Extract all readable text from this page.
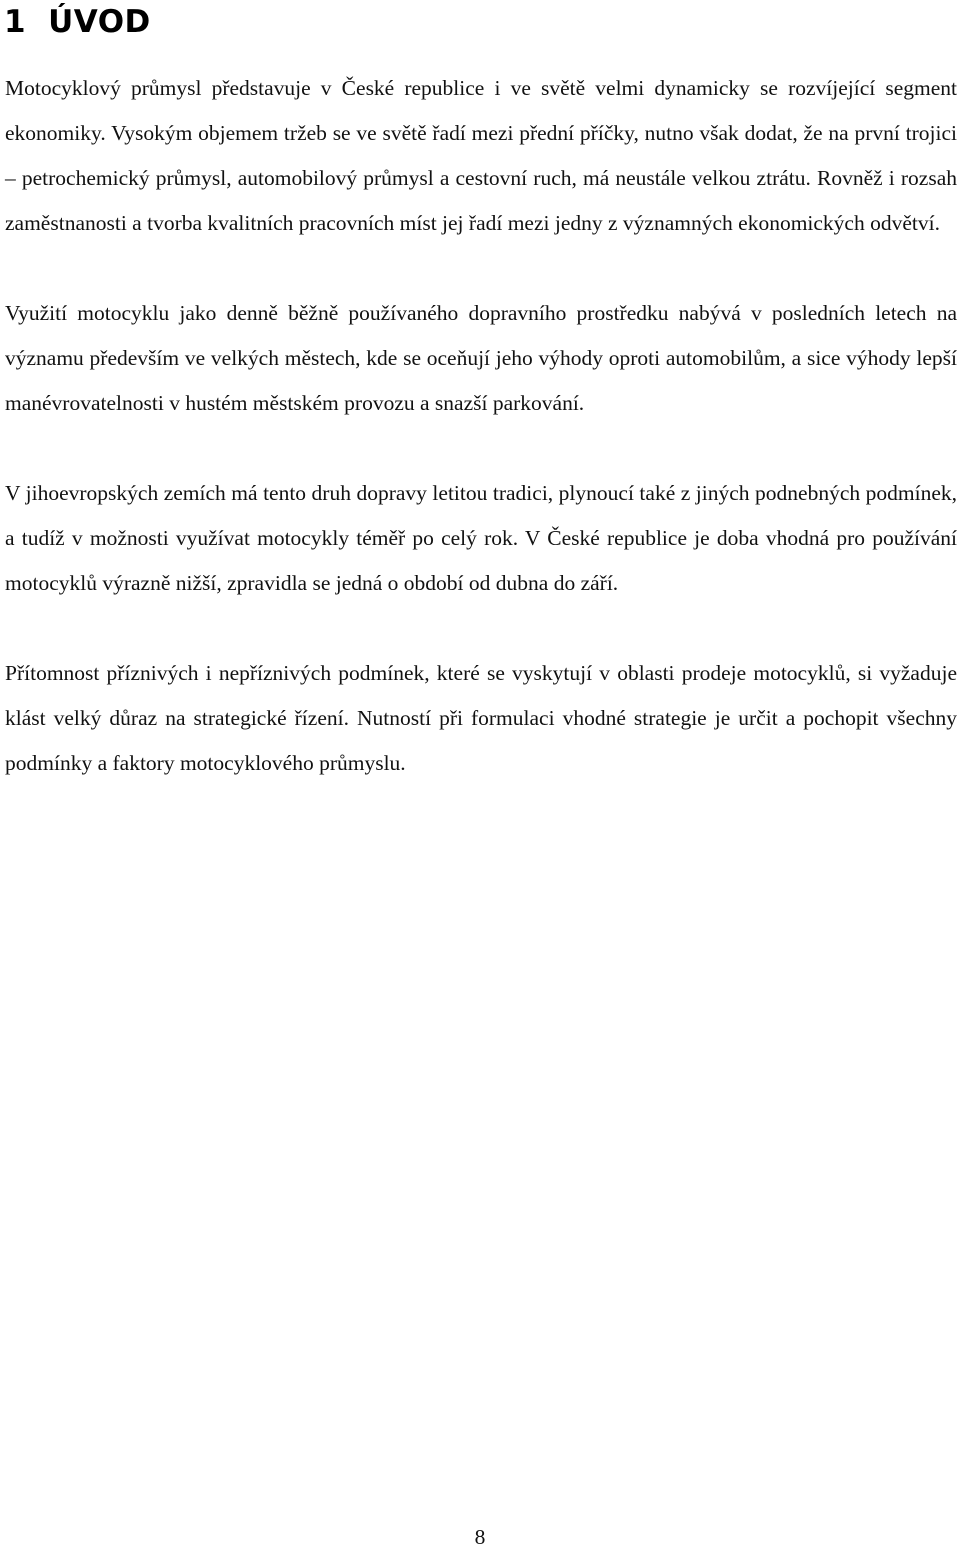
1 ÚVOD

Motocyklový průmysl představuje v České republice i ve světě velmi dynamicky se rozvíjející segment ekonomiky. Vysokým objemem tržeb se ve světě řadí mezi přední příčky, nutno však dodat, že na první trojici – petrochemický průmysl, automobilový průmysl a cestovní ruch, má neustále velkou ztrátu. Rovněž i rozsah zaměstnanosti a tvorba kvalitních pracovních míst jej řadí mezi jedny z významných ekonomických odvětví.

Využití motocyklu jako denně běžně používaného dopravního prostředku nabývá v posledních letech na významu především ve velkých městech, kde se oceňují jeho výhody oproti automobilům, a sice výhody lepší manévrovatelnosti v hustém městském provozu a snazší parkování.

V jihoevropských zemích má tento druh dopravy letitou tradici, plynoucí také z jiných podnebných podmínek, a tudíž v možnosti využívat motocykly téměř po celý rok. V České republice je doba vhodná pro používání motocyklů výrazně nižší, zpravidla se jedná o období od dubna do září.

Přítomnost příznivých i nepříznivých podmínek, které se vyskytují v oblasti prodeje motocyklů, si vyžaduje klást velký důraz na strategické řízení. Nutností při formulaci vhodné strategie je určit a pochopit všechny podmínky a faktory motocyklového průmyslu.

8
